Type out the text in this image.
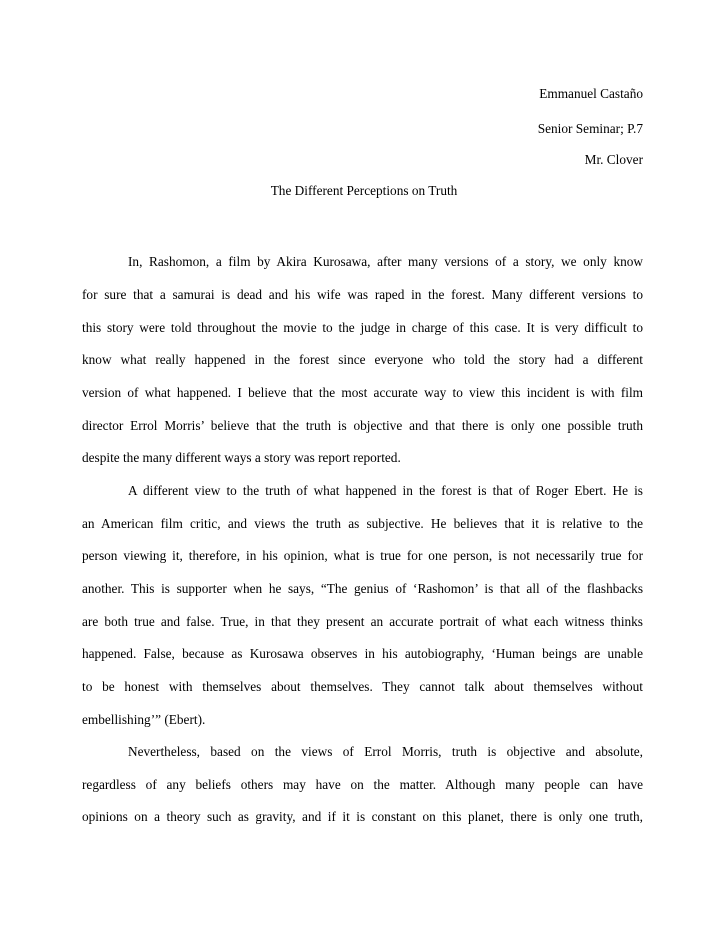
Emmanuel Castaño
Senior Seminar; P.7
Mr. Clover
The Different Perceptions on Truth
In, Rashomon, a film by Akira Kurosawa, after many versions of a story, we only know
for sure that a samurai is dead and his wife was raped in the forest. Many different versions to
this story were told throughout the movie to the judge in charge of this case. It is very difficult to
know what really happened in the forest since everyone who told the story had a different
version of what happened. I believe that the most accurate way to view this incident is with film
director Errol Morris’ believe that the truth is objective and that there is only one possible truth
despite the many different ways a story was report reported.
A different view to the truth of what happened in the forest is that of Roger Ebert. He is
an American film critic, and views the truth as subjective. He believes that it is relative to the
person viewing it, therefore, in his opinion, what is true for one person, is not necessarily true for
another. This is supporter when he says, “The genius of ‘Rashomon’ is that all of the flashbacks
are both true and false. True, in that they present an accurate portrait of what each witness thinks
happened. False, because as Kurosawa observes in his autobiography, ‘Human beings are unable
to be honest with themselves about themselves. They cannot talk about themselves without
embellishing’” (Ebert).
Nevertheless, based on the views of Errol Morris, truth is objective and absolute,
regardless of any beliefs others may have on the matter. Although many people can have
opinions on a theory such as gravity, and if it is constant on this planet, there is only one truth,
